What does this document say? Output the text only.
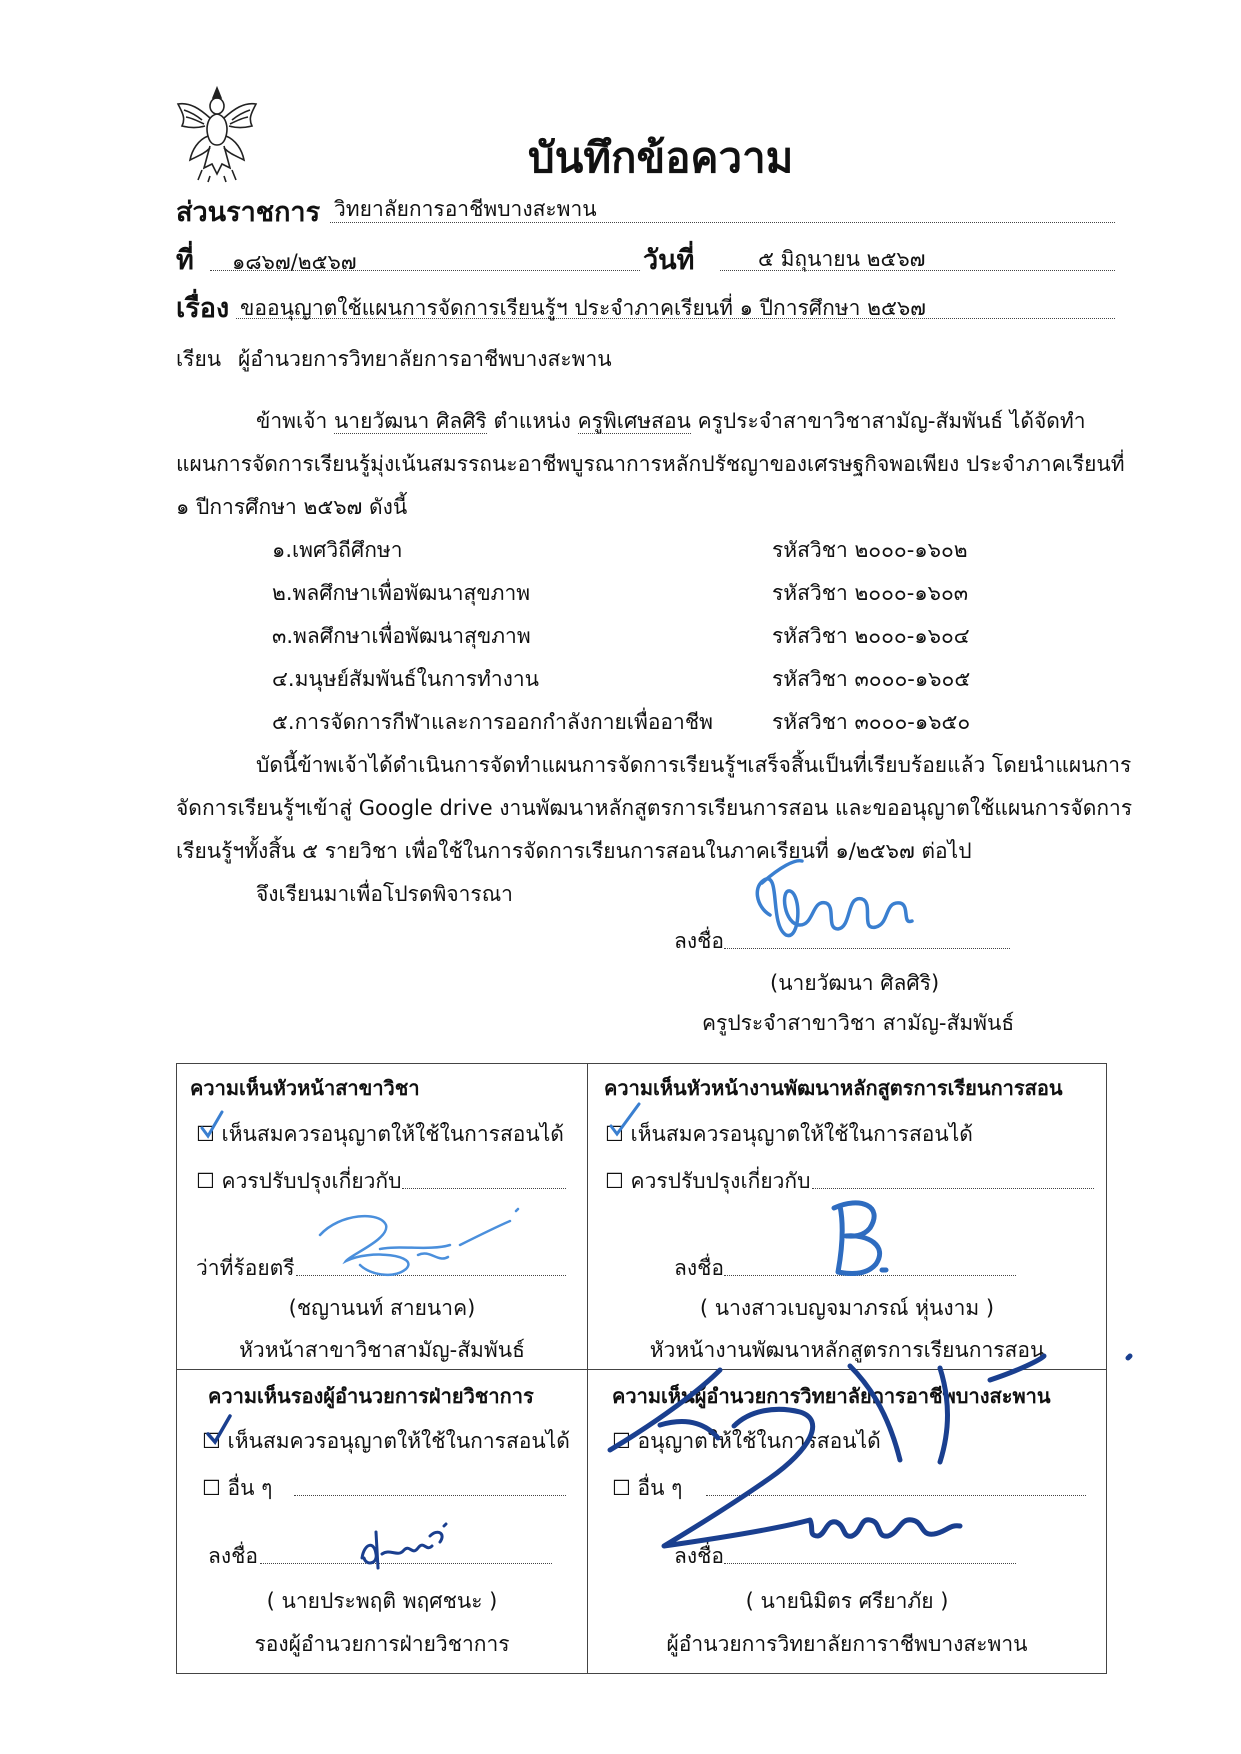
บันทึกข้อความ
ส่วนราชการ วิทยาลัยการอาชีพบางสะพาน
ที่ ๑๘๖๗/๒๕๖๗	วันที่	๕ มิถุนายน ๒๕๖๗
เรื่อง ขออนุญาตใช้แผนการจัดการเรียนรู้ฯ ประจำภาคเรียนที่ ๑ ปีการศึกษา ๒๕๖๗
เรียน ผู้อำนวยการวิทยาลัยการอาชีพบางสะพาน
ข้าพเจ้า นายวัฒนา ศิลศิริ ตำแหน่ง ครูพิเศษสอน ครูประจำสาขาวิชาสามัญ-สัมพันธ์ ได้จัดทำ
แผนการจัดการเรียนรู้มุ่งเน้นสมรรถนะอาชีพบูรณาการหลักปรัชญาของเศรษฐกิจพอเพียง ประจำภาคเรียนที่
๑ ปีการศึกษา ๒๕๖๗ ดังนี้
๑.เพศวิถีศึกษา	รหัสวิชา ๒๐๐๐-๑๖๐๒
๒.พลศึกษาเพื่อพัฒนาสุขภาพ	รหัสวิชา ๒๐๐๐-๑๖๐๓
๓.พลศึกษาเพื่อพัฒนาสุขภาพ	รหัสวิชา ๒๐๐๐-๑๖๐๔
๔.มนุษย์สัมพันธ์ในการทำงาน	รหัสวิชา ๓๐๐๐-๑๖๐๕
๕.การจัดการกีฬาและการออกกำลังกายเพื่ออาชีพ	รหัสวิชา ๓๐๐๐-๑๖๕๐
บัดนี้ข้าพเจ้าได้ดำเนินการจัดทำแผนการจัดการเรียนรู้ฯเสร็จสิ้นเป็นที่เรียบร้อยแล้ว โดยนำแผนการ
จัดการเรียนรู้ฯเข้าสู่ Google drive งานพัฒนาหลักสูตรการเรียนการสอน และขออนุญาตใช้แผนการจัดการ
เรียนรู้ฯทั้งสิ้น ๕ รายวิชา เพื่อใช้ในการจัดการเรียนการสอนในภาคเรียนที่ ๑/๒๕๖๗ ต่อไป
จึงเรียนมาเพื่อโปรดพิจารณา
ลงชื่อ
(นายวัฒนา ศิลศิริ)
ครูประจำสาขาวิชา สามัญ-สัมพันธ์
ความเห็นหัวหน้าสาขาวิชา
☐ เห็นสมควรอนุญาตให้ใช้ในการสอนได้
☐ ควรปรับปรุงเกี่ยวกับ
ว่าที่ร้อยตรี
(ชญานนท์ สายนาค)
หัวหน้าสาขาวิชาสามัญ-สัมพันธ์
ความเห็นหัวหน้างานพัฒนาหลักสูตรการเรียนการสอน
☐ เห็นสมควรอนุญาตให้ใช้ในการสอนได้
☐ ควรปรับปรุงเกี่ยวกับ
ลงชื่อ
( นางสาวเบญจมาภรณ์ หุ่นงาม )
หัวหน้างานพัฒนาหลักสูตรการเรียนการสอน
ความเห็นรองผู้อำนวยการฝ่ายวิชาการ
☐ เห็นสมควรอนุญาตให้ใช้ในการสอนได้
☐ อื่น ๆ
ลงชื่อ
( นายประพฤติ พฤศชนะ )
รองผู้อำนวยการฝ่ายวิชาการ
ความเห็นผู้อำนวยการวิทยาลัยการอาชีพบางสะพาน
☐ อนุญาตให้ใช้ในการสอนได้
☐ อื่น ๆ
ลงชื่อ
( นายนิมิตร ศรียาภัย )
ผู้อำนวยการวิทยาลัยการาชีพบางสะพาน
